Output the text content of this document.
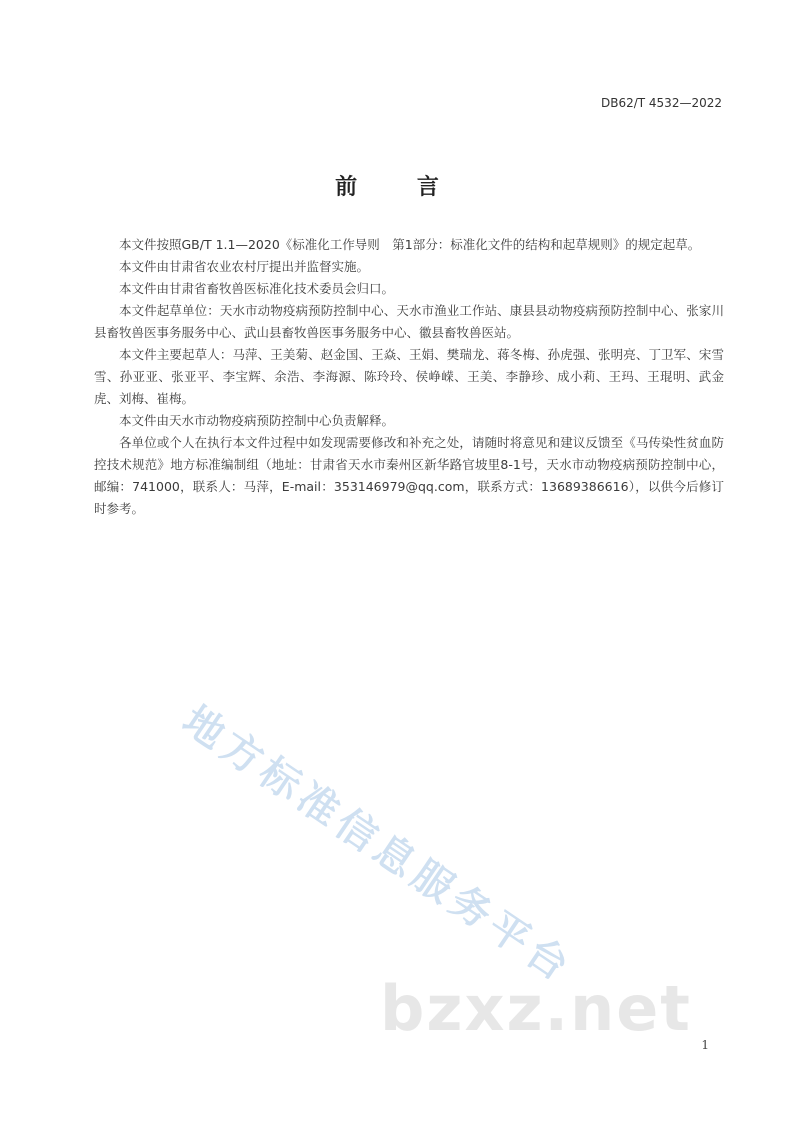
DB62/T 4532—2022
前 言

本文件按照GB/T 1.1—2020《标准化工作导则　第1部分：标准化文件的结构和起草规则》的规定起草。

本文件由甘肃省农业农村厅提出并监督实施。

本文件由甘肃省畜牧兽医标准化技术委员会归口。

本文件起草单位：天水市动物疫病预防控制中心、天水市渔业工作站、康县县动物疫病预防控制中心、张家川县畜牧兽医事务服务中心、武山县畜牧兽医事务服务中心、徽县畜牧兽医站。

本文件主要起草人：马萍、王美菊、赵金国、王焱、王娟、樊瑞龙、蒋冬梅、孙虎强、张明亮、丁卫军、宋雪雪、孙亚亚、张亚平、李宝辉、余浩、李海源、陈玲玲、侯峥嵘、王美、李静珍、成小莉、王玛、王琨明、武金虎、刘梅、崔梅。

本文件由天水市动物疫病预防控制中心负责解释。

各单位或个人在执行本文件过程中如发现需要修改和补充之处，请随时将意见和建议反馈至《马传染性贫血防控技术规范》地方标准编制组（地址：甘肃省天水市秦州区新华路官坡里8-1号，天水市动物疫病预防控制中心，邮编：741000，联系人：马萍，E-mail：353146979@qq.com，联系方式：13689386616），以供今后修订时参考。

地方标准信息服务平台
bzxz.net 1
